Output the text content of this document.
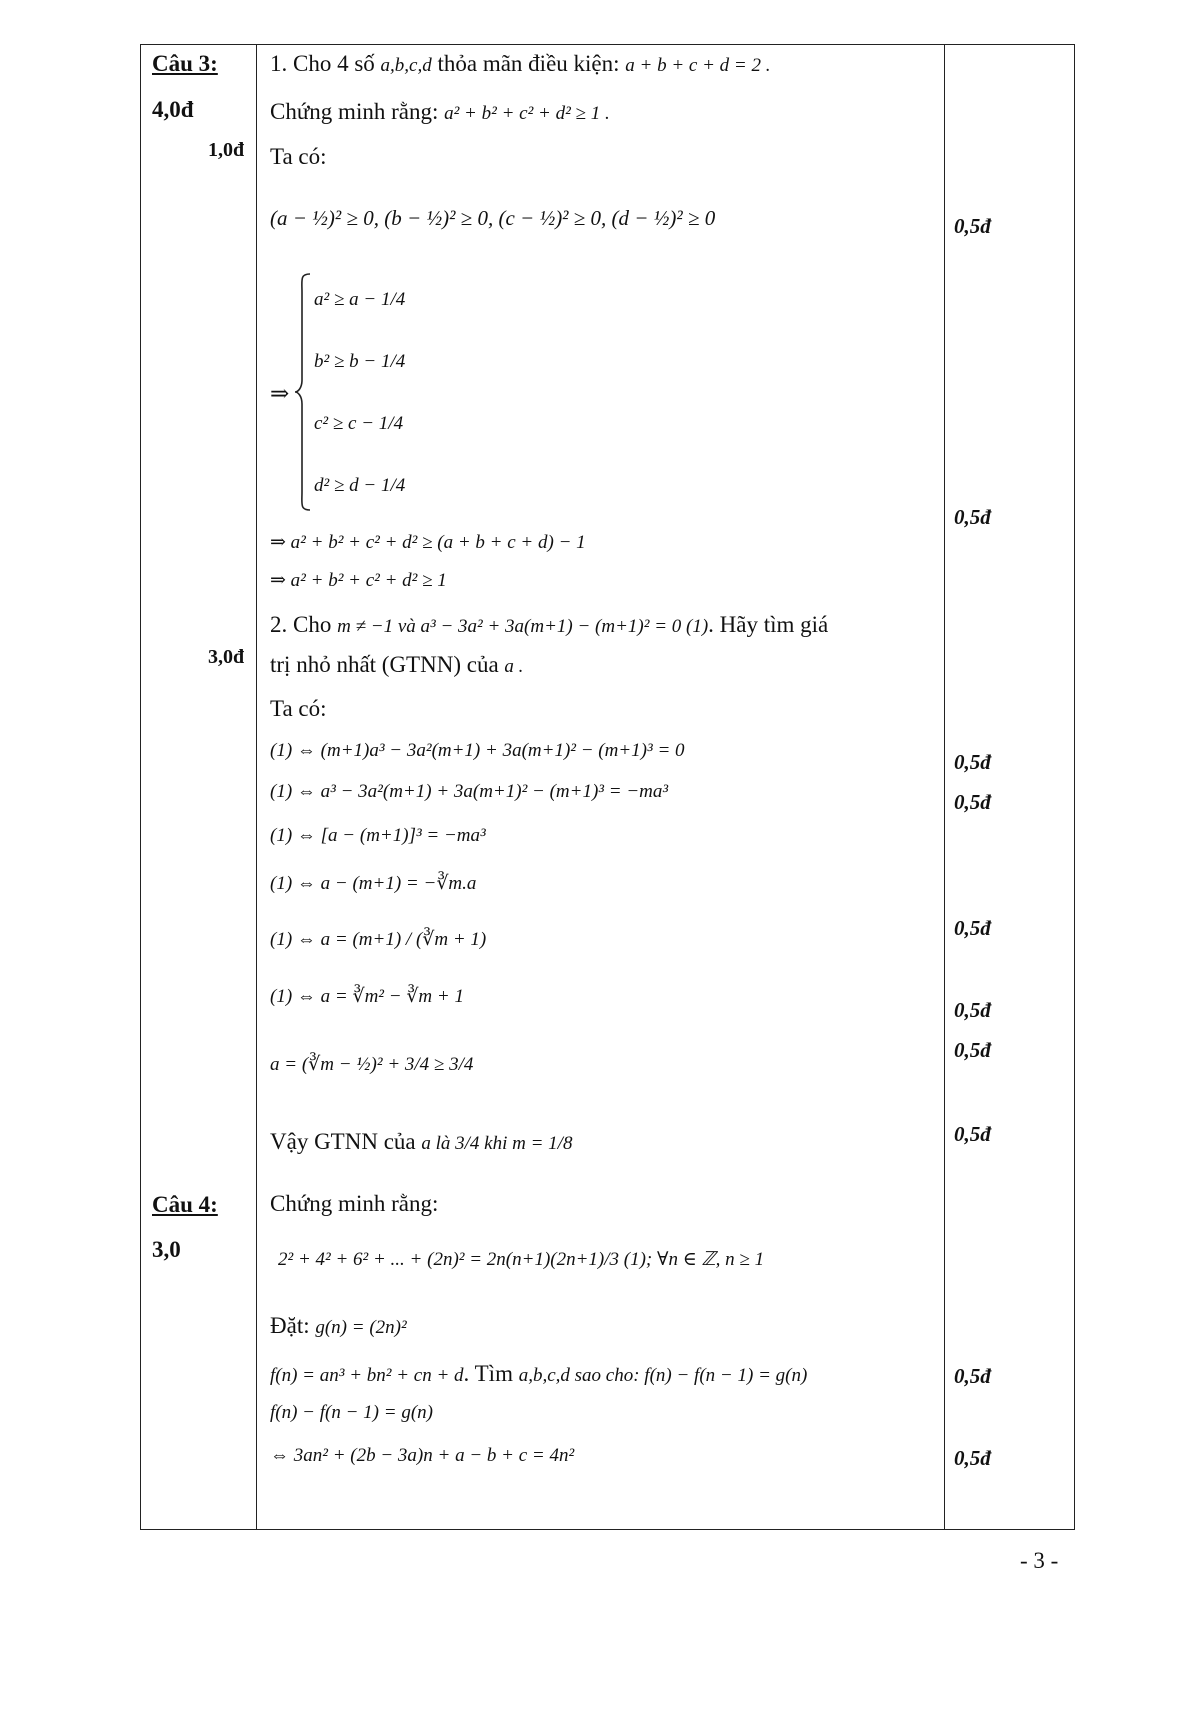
Câu 3:
4,0đ
1,0đ
3,0đ
Câu 4:
3,0
1. Cho 4 số a,b,c,d thỏa mãn điều kiện: a + b + c + d = 2 .
Chứng minh rằng: a² + b² + c² + d² ≥ 1 .
Ta có:
(a − ½)² ≥ 0, (b − ½)² ≥ 0, (c − ½)² ≥ 0, (d − ½)² ≥ 0
⇒
a² ≥ a − 1/4
b² ≥ b − 1/4
c² ≥ c − 1/4
d² ≥ d − 1/4
⇒ a² + b² + c² + d² ≥ (a + b + c + d) − 1
⇒ a² + b² + c² + d² ≥ 1
2. Cho m ≠ −1 và a³ − 3a² + 3a(m+1) − (m+1)² = 0 (1). Hãy tìm giá
trị nhỏ nhất (GTNN) của a .
Ta có:
(1) ⇔ (m+1)a³ − 3a²(m+1) + 3a(m+1)² − (m+1)³ = 0
(1) ⇔ a³ − 3a²(m+1) + 3a(m+1)² − (m+1)³ = −ma³
(1) ⇔ [a − (m+1)]³ = −ma³
(1) ⇔ a − (m+1) = −∛m.a
(1) ⇔ a = (m+1) / (∛m + 1)
(1) ⇔ a = ∛m² − ∛m + 1
a = (∛m − ½)² + 3/4 ≥ 3/4
Vậy GTNN của a là 3/4 khi m = 1/8
Chứng minh rằng:
2² + 4² + 6² + ... + (2n)² = 2n(n+1)(2n+1)/3 (1); ∀n ∈ ℤ, n ≥ 1
Đặt: g(n) = (2n)²
f(n) = an³ + bn² + cn + d. Tìm a,b,c,d sao cho: f(n) − f(n − 1) = g(n)
f(n) − f(n − 1) = g(n)
⇔ 3an² + (2b − 3a)n + a − b + c = 4n²
0,5đ
0,5đ
0,5đ
0,5đ
0,5đ
0,5đ
0,5đ
0,5đ
0,5đ
0,5đ
- 3 -
